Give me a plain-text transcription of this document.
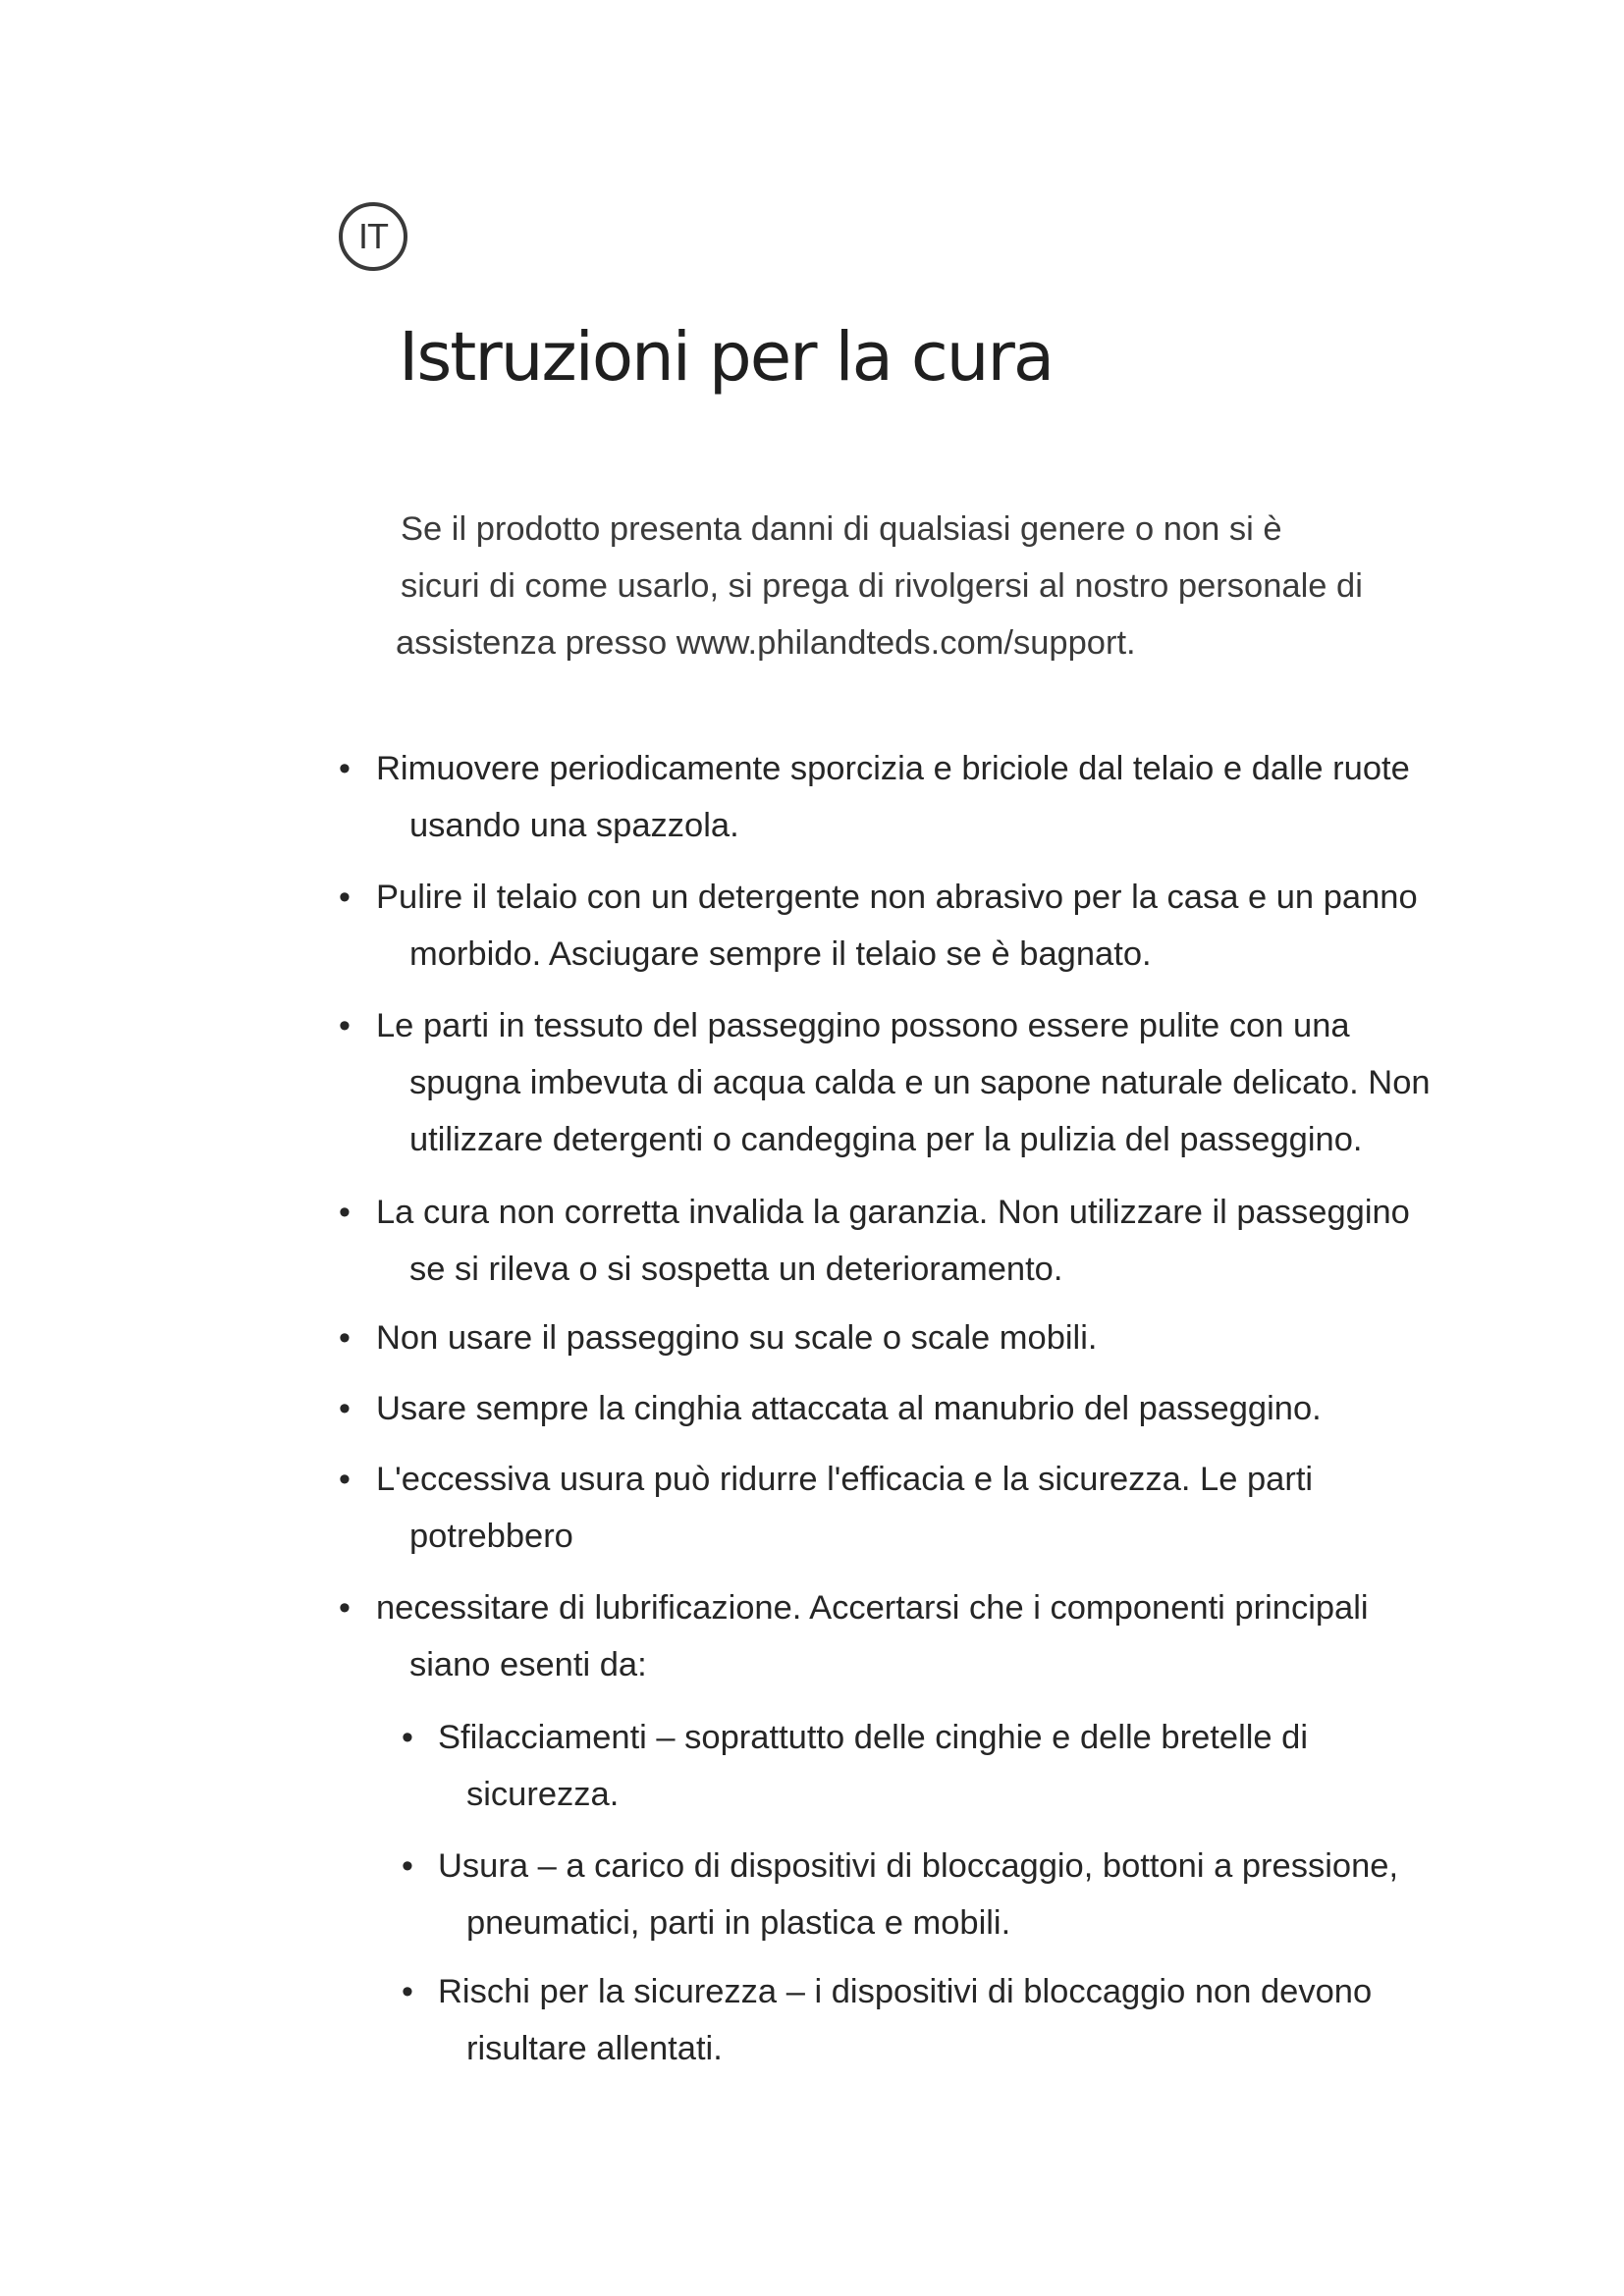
IT
Istruzioni per la cura

Se il prodotto presenta danni di qualsiasi genere o non si è
sicuri di come usarlo, si prega di rivolgersi al nostro personale di
assistenza presso www.philandteds.com/support.

• Rimuovere periodicamente sporcizia e briciole dal telaio e dalle ruote
usando una spazzola.
• Pulire il telaio con un detergente non abrasivo per la casa e un panno
morbido. Asciugare sempre il telaio se è bagnato.
• Le parti in tessuto del passeggino possono essere pulite con una
spugna imbevuta di acqua calda e un sapone naturale delicato. Non
utilizzare detergenti o candeggina per la pulizia del passeggino.
• La cura non corretta invalida la garanzia. Non utilizzare il passeggino
se si rileva o si sospetta un deterioramento.
• Non usare il passeggino su scale o scale mobili.
• Usare sempre la cinghia attaccata al manubrio del passeggino.
• L'eccessiva usura può ridurre l'efficacia e la sicurezza. Le parti
potrebbero
• necessitare di lubrificazione. Accertarsi che i componenti principali
siano esenti da:
• Sfilacciamenti – soprattutto delle cinghie e delle bretelle di
sicurezza.
• Usura – a carico di dispositivi di bloccaggio, bottoni a pressione,
pneumatici, parti in plastica e mobili.
• Rischi per la sicurezza – i dispositivi di bloccaggio non devono
risultare allentati.
